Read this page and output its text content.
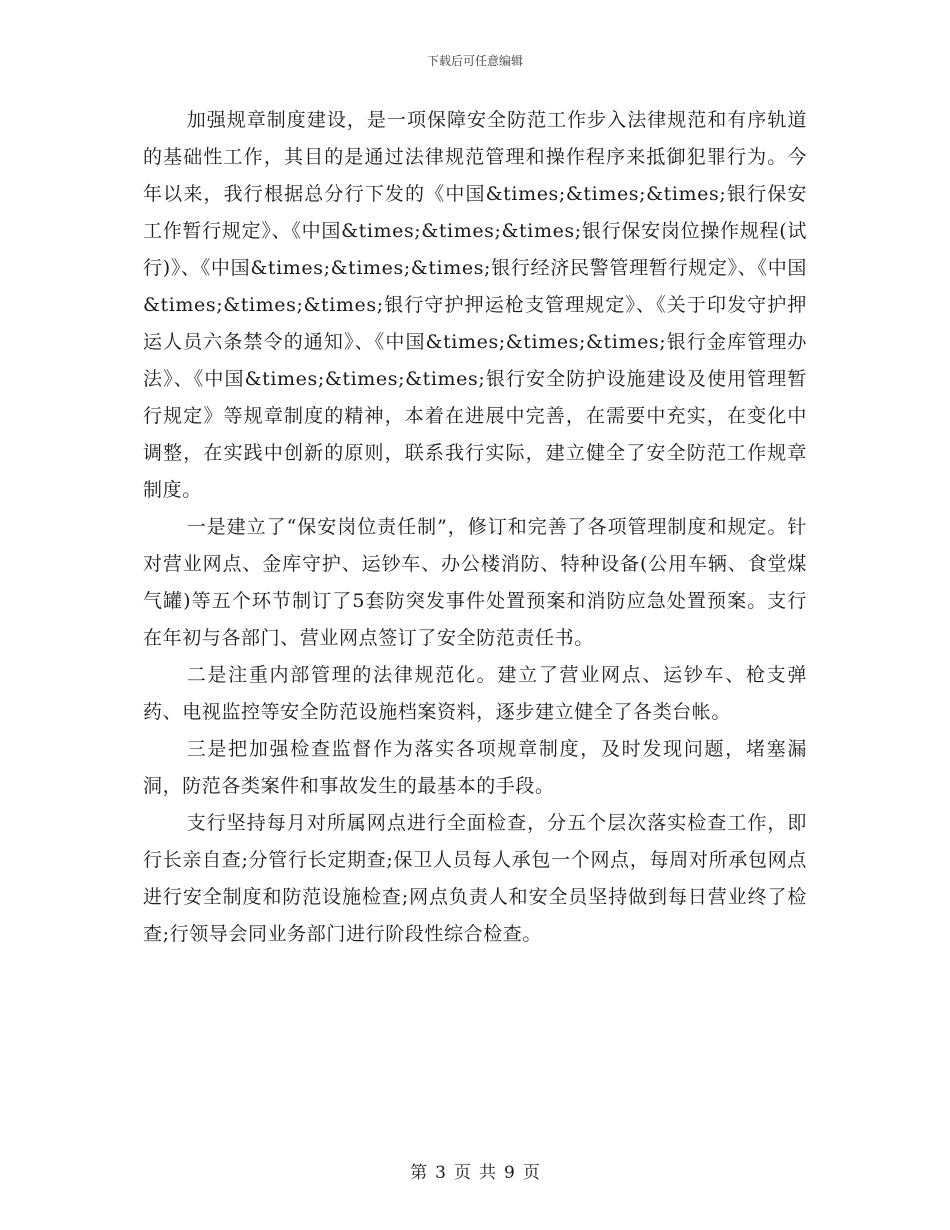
下载后可任意编辑

加强规章制度建设，是一项保障安全防范工作步入法律规范和有序轨道的基础性工作，其目的是通过法律规范管理和操作程序来抵御犯罪行为。今年以来，我行根据总分行下发的《中国&times;&times;&times;银行保安工作暂行规定》、《中国&times;&times;&times;银行保安岗位操作规程(试行)》、《中国&times;&times;&times;银行经济民警管理暂行规定》、《中国&times;&times;&times;银行守护押运枪支管理规定》、《关于印发守护押运人员六条禁令的通知》、《中国&times;&times;&times;银行金库管理办法》、《中国&times;&times;&times;银行安全防护设施建设及使用管理暂行规定》等规章制度的精神，本着在进展中完善，在需要中充实，在变化中调整，在实践中创新的原则，联系我行实际，建立健全了安全防范工作规章制度。

一是建立了“保安岗位责任制”，修订和完善了各项管理制度和规定。针对营业网点、金库守护、运钞车、办公楼消防、特种设备(公用车辆、食堂煤气罐)等五个环节制订了5套防突发事件处置预案和消防应急处置预案。支行在年初与各部门、营业网点签订了安全防范责任书。

二是注重内部管理的法律规范化。建立了营业网点、运钞车、枪支弹药、电视监控等安全防范设施档案资料，逐步建立健全了各类台帐。

三是把加强检查监督作为落实各项规章制度，及时发现问题，堵塞漏洞，防范各类案件和事故发生的最基本的手段。

支行坚持每月对所属网点进行全面检查，分五个层次落实检查工作，即行长亲自查;分管行长定期查;保卫人员每人承包一个网点，每周对所承包网点进行安全制度和防范设施检查;网点负责人和安全员坚持做到每日营业终了检查;行领导会同业务部门进行阶段性综合检查。

第 3 页 共 9 页
